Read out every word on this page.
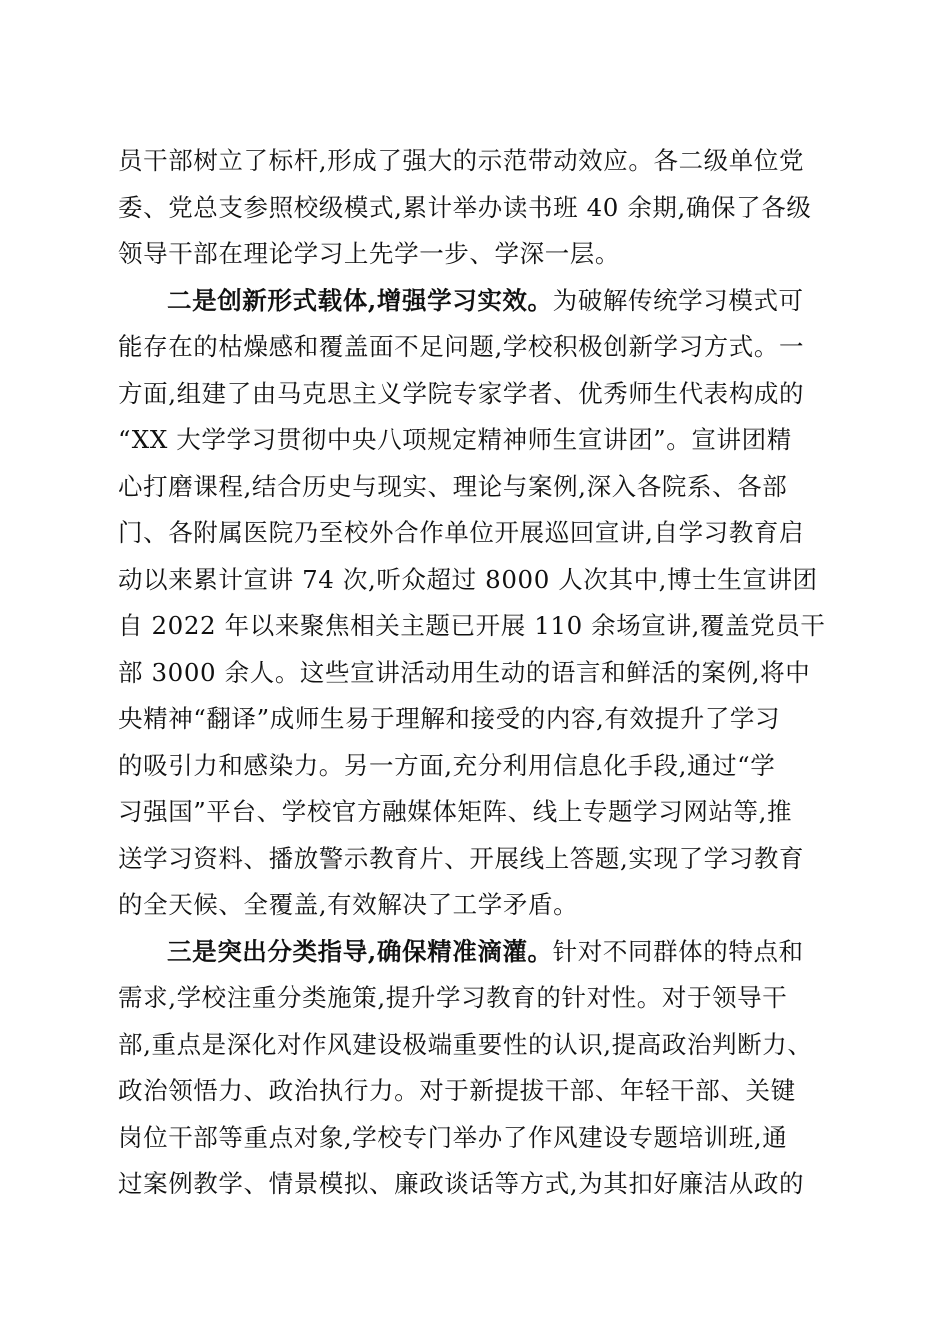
员干部树立了标杆,形成了强大的示范带动效应。各二级单位党
委、党总支参照校级模式,累计举办读书班 40 余期,确保了各级
领导干部在理论学习上先学一步、学深一层。
二是创新形式载体,增强学习实效。为破解传统学习模式可
能存在的枯燥感和覆盖面不足问题,学校积极创新学习方式。一
方面,组建了由马克思主义学院专家学者、优秀师生代表构成的
“XX 大学学习贯彻中央八项规定精神师生宣讲团”。宣讲团精
心打磨课程,结合历史与现实、理论与案例,深入各院系、各部
门、各附属医院乃至校外合作单位开展巡回宣讲,自学习教育启
动以来累计宣讲 74 次,听众超过 8000 人次其中,博士生宣讲团
自 2022 年以来聚焦相关主题已开展 110 余场宣讲,覆盖党员干
部 3000 余人。这些宣讲活动用生动的语言和鲜活的案例,将中
央精神“翻译”成师生易于理解和接受的内容,有效提升了学习
的吸引力和感染力。另一方面,充分利用信息化手段,通过“学
习强国”平台、学校官方融媒体矩阵、线上专题学习网站等,推
送学习资料、播放警示教育片、开展线上答题,实现了学习教育
的全天候、全覆盖,有效解决了工学矛盾。
三是突出分类指导,确保精准滴灌。针对不同群体的特点和
需求,学校注重分类施策,提升学习教育的针对性。对于领导干
部,重点是深化对作风建设极端重要性的认识,提高政治判断力、
政治领悟力、政治执行力。对于新提拔干部、年轻干部、关键
岗位干部等重点对象,学校专门举办了作风建设专题培训班,通
过案例教学、情景模拟、廉政谈话等方式,为其扣好廉洁从政的
